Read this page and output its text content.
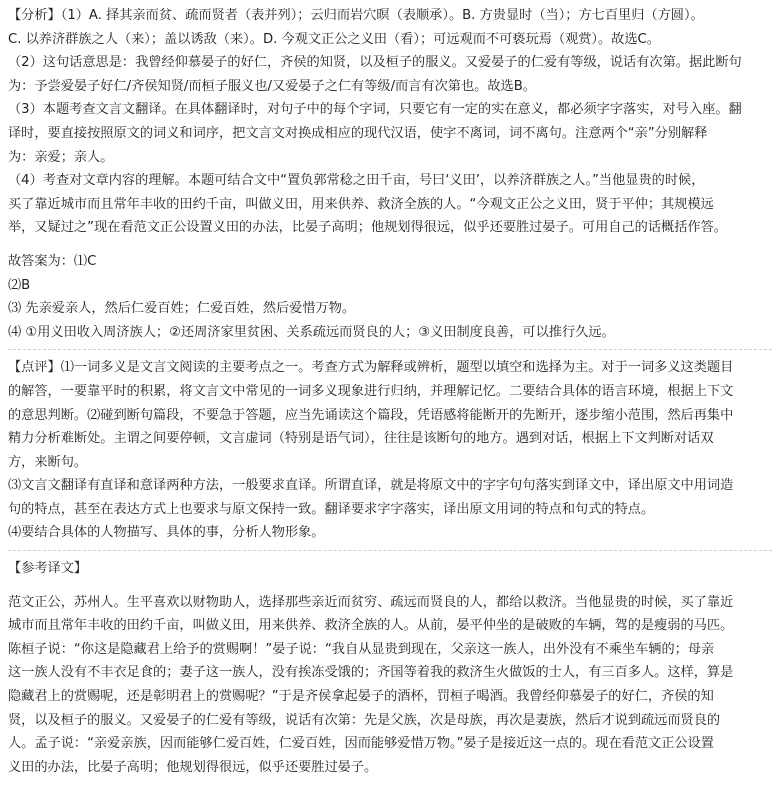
【分析】（1）A. 择其亲而贫、疏而贤者（表并列）；云归而岩穴暝（表顺承）。B. 方贵显时（当）；方七百里归（方圆）。
C. 以养济群族之人（来）；盖以诱敌（来）。D. 今观文正公之义田（看）；可远观而不可亵玩焉（观赏）。故选C。
（2）这句话意思是：我曾经仰慕晏子的好仁，齐侯的知贤，以及桓子的服义。又爱晏子的仁爱有等级，说话有次第。据此断句
为：予尝爱晏子好仁/齐侯知贤/而桓子服义也/又爱晏子之仁有等级/而言有次第也。故选B。
（3）本题考查文言文翻译。在具体翻译时，对句子中的每个字词，只要它有一定的实在意义，都必须字字落实，对号入座。翻
译时，要直接按照原文的词义和词序，把文言文对换成相应的现代汉语，使字不离词，词不离句。注意两个“亲”分别解释
为：亲爱；亲人。
（4）考查对文章内容的理解。本题可结合文中“置负郭常稔之田千亩，号曰‘义田’，以养济群族之人。”当他显贵的时候，
买了靠近城市而且常年丰收的田约千亩，叫做义田，用来供养、救济全族的人。“今观文正公之义田，贤于平仲；其规模远
举，又疑过之”现在看范文正公设置义田的办法，比晏子高明；他规划得很远，似乎还要胜过晏子。可用自己的话概括作答。
故答案为：⑴C
⑵B
⑶ 先亲爱亲人，然后仁爱百姓；仁爱百姓，然后爱惜万物。
⑷ ①用义田收入周济族人；②还周济家里贫困、关系疏远而贤良的人；③义田制度良善，可以推行久远。
【点评】⑴一词多义是文言文阅读的主要考点之一。考查方式为解释或辨析，题型以填空和选择为主。对于一词多义这类题目
的解答，一要靠平时的积累，将文言文中常见的一词多义现象进行归纳，并理解记忆。二要结合具体的语言环境，根据上下文
的意思判断。⑵碰到断句篇段，不要急于答题，应当先诵读这个篇段，凭语感将能断开的先断开，逐步缩小范围，然后再集中
精力分析难断处。主谓之间要停顿，文言虚词（特别是语气词），往往是该断句的地方。遇到对话，根据上下文判断对话双
方，来断句。
⑶文言文翻译有直译和意译两种方法，一般要求直译。所谓直译，就是将原文中的字字句句落实到译文中，译出原文中用词造
句的特点，甚至在表达方式上也要求与原文保持一致。翻译要求字字落实，译出原文用词的特点和句式的特点。
⑷要结合具体的人物描写、具体的事，分析人物形象。
【参考译文】
范文正公，苏州人。生平喜欢以财物助人，选择那些亲近而贫穷、疏远而贤良的人，都给以救济。当他显贵的时候，买了靠近
城市而且常年丰收的田约千亩，叫做义田，用来供养、救济全族的人。从前，晏平仲坐的是破败的车辆，驾的是瘦弱的马匹。
陈桓子说：“你这是隐藏君上给予的赏赐啊！”晏子说：“我自从显贵到现在，父亲这一族人，出外没有不乘坐车辆的；母亲
这一族人没有不丰衣足食的；妻子这一族人，没有挨冻受饿的；齐国等着我的救济生火做饭的士人，有三百多人。这样，算是
隐藏君上的赏赐呢，还是彰明君上的赏赐呢？”于是齐侯拿起晏子的酒杯，罚桓子喝酒。我曾经仰慕晏子的好仁，齐侯的知
贤，以及桓子的服义。又爱晏子的仁爱有等级，说话有次第：先是父族，次是母族，再次是妻族，然后才说到疏远而贤良的
人。孟子说：“亲爱亲族，因而能够仁爱百姓，仁爱百姓，因而能够爱惜万物。”晏子是接近这一点的。现在看范文正公设置
义田的办法，比晏子高明；他规划得很远，似乎还要胜过晏子。
